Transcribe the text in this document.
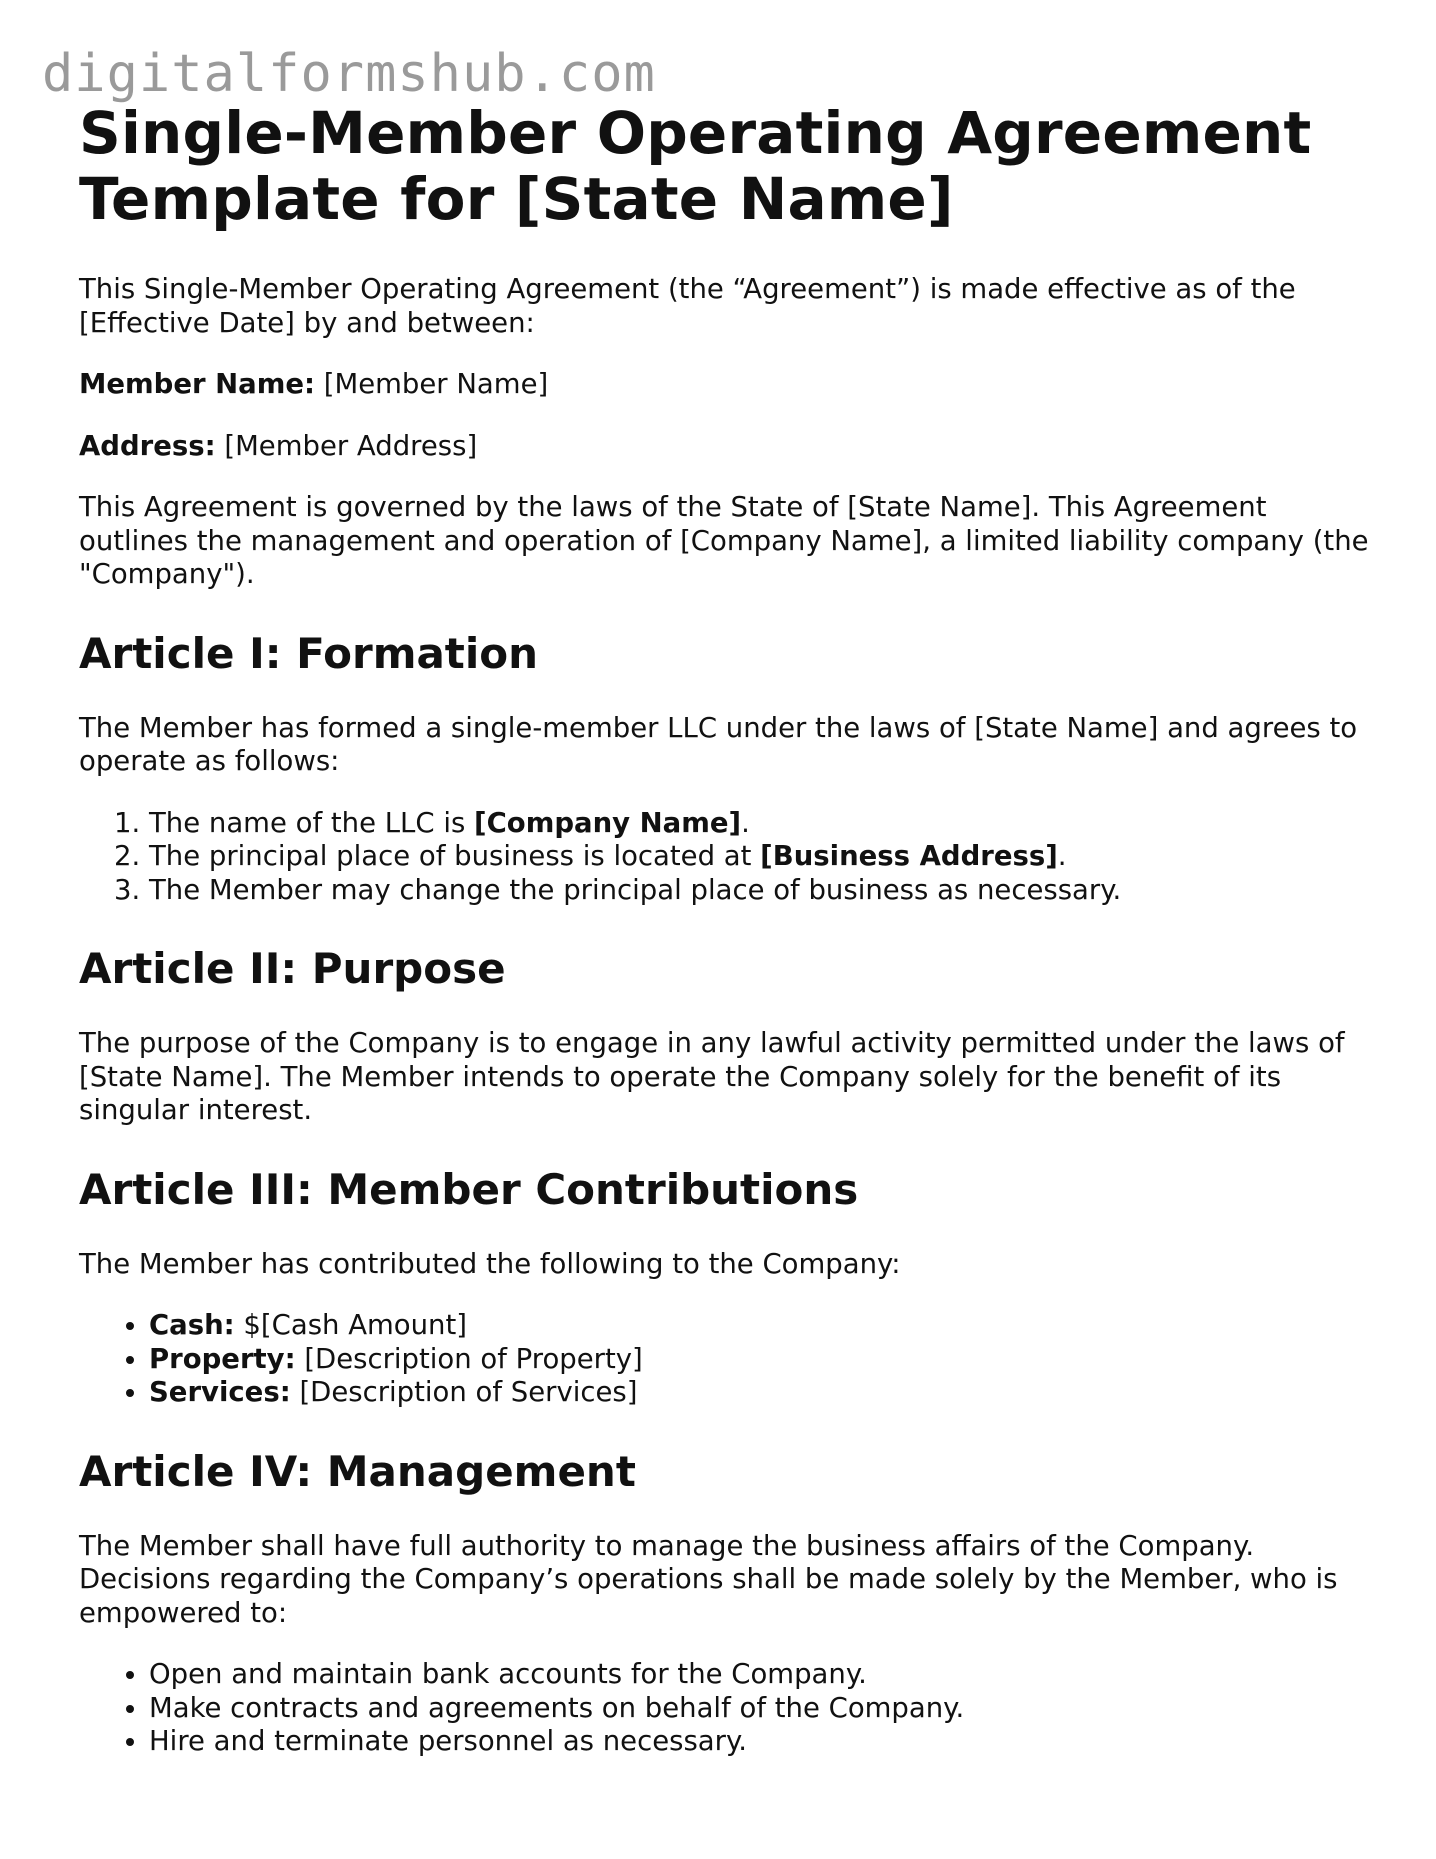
digitalformshub.com
Single-Member Operating Agreement Template for [State Name]

This Single-Member Operating Agreement (the “Agreement”) is made effective as of the [Effective Date] by and between:

Member Name: [Member Name]

Address: [Member Address]

This Agreement is governed by the laws of the State of [State Name]. This Agreement outlines the management and operation of [Company Name], a limited liability company (the "Company").

Article I: Formation

The Member has formed a single-member LLC under the laws of [State Name] and agrees to operate as follows:

1. The name of the LLC is [Company Name].
2. The principal place of business is located at [Business Address].
3. The Member may change the principal place of business as necessary.
Article II: Purpose

The purpose of the Company is to engage in any lawful activity permitted under the laws of [State Name]. The Member intends to operate the Company solely for the benefit of its singular interest.

Article III: Member Contributions

The Member has contributed the following to the Company:

• Cash: $[Cash Amount]
• Property: [Description of Property]
• Services: [Description of Services]
Article IV: Management

The Member shall have full authority to manage the business affairs of the Company. Decisions regarding the Company’s operations shall be made solely by the Member, who is empowered to:

• Open and maintain bank accounts for the Company.
• Make contracts and agreements on behalf of the Company.
• Hire and terminate personnel as necessary.
